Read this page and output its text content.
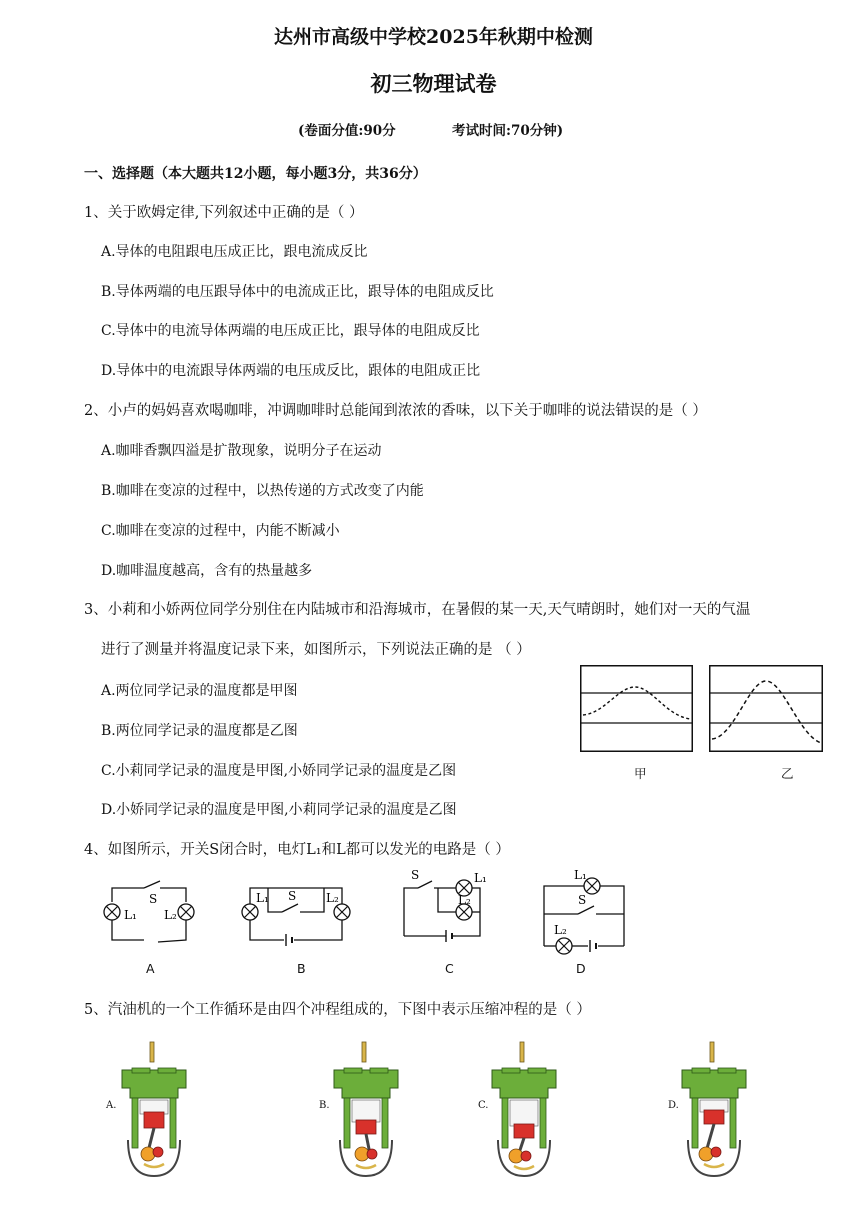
达州市高级中学校2025年秋期中检测
初三物理试卷
(卷面分值:90分	考试时间:70分钟)
一、选择题（本大题共12小题，每小题3分，共36分）
1、关于欧姆定律,下列叙述中正确的是（ ）
A.导体的电阻跟电压成正比，跟电流成反比
B.导体两端的电压跟导体中的电流成正比，跟导体的电阻成反比
C.导体中的电流导体两端的电压成正比，跟导体的电阻成反比
D.导体中的电流跟导体两端的电压成反比，跟体的电阻成正比
2、小卢的妈妈喜欢喝咖啡，冲调咖啡时总能闻到浓浓的香味，以下关于咖啡的说法错误的是（ ）
A.咖啡香飘四溢是扩散现象，说明分子在运动
B.咖啡在变凉的过程中，以热传递的方式改变了内能
C.咖啡在变凉的过程中，内能不断减小
D.咖啡温度越高，含有的热量越多
3、小莉和小娇两位同学分别住在内陆城市和沿海城市，在暑假的某一天,天气晴朗时，她们对一天的气温
进行了测量并将温度记录下来，如图所示，下列说法正确的是 （ ）
A.两位同学记录的温度都是甲图
B.两位同学记录的温度都是乙图
C.小莉同学记录的温度是甲图,小娇同学记录的温度是乙图
D.小娇同学记录的温度是甲图,小莉同学记录的温度是乙图
甲	乙
4、如图所示，开关S闭合时，电灯L₁和L都可以发光的电路是（ ）
S
L₁ L₂
A
S
L₁	L₂
B
S	L₁
L₂
C
L₁
S
L₂
D
5、汽油机的一个工作循环是由四个冲程组成的，下图中表示压缩冲程的是（ ）
A.	B.	C.	D.
